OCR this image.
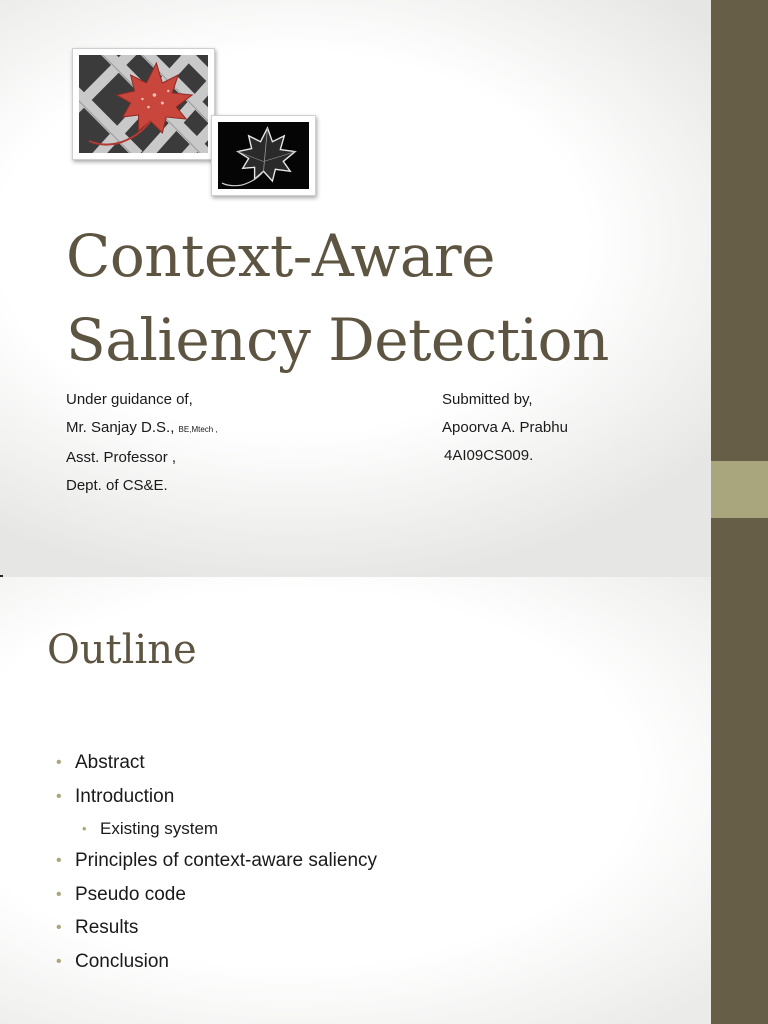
Context-Aware
Saliency Detection
Under guidance of,
Mr. Sanjay D.S., BE,Mtech ,
Asst. Professor ,
Dept. of CS&E.
Submitted by,
Apoorva A. Prabhu
4AI09CS009.
Outline
• Abstract
• Introduction
• Existing system
• Principles of context-aware saliency
• Pseudo code
• Results
• Conclusion
